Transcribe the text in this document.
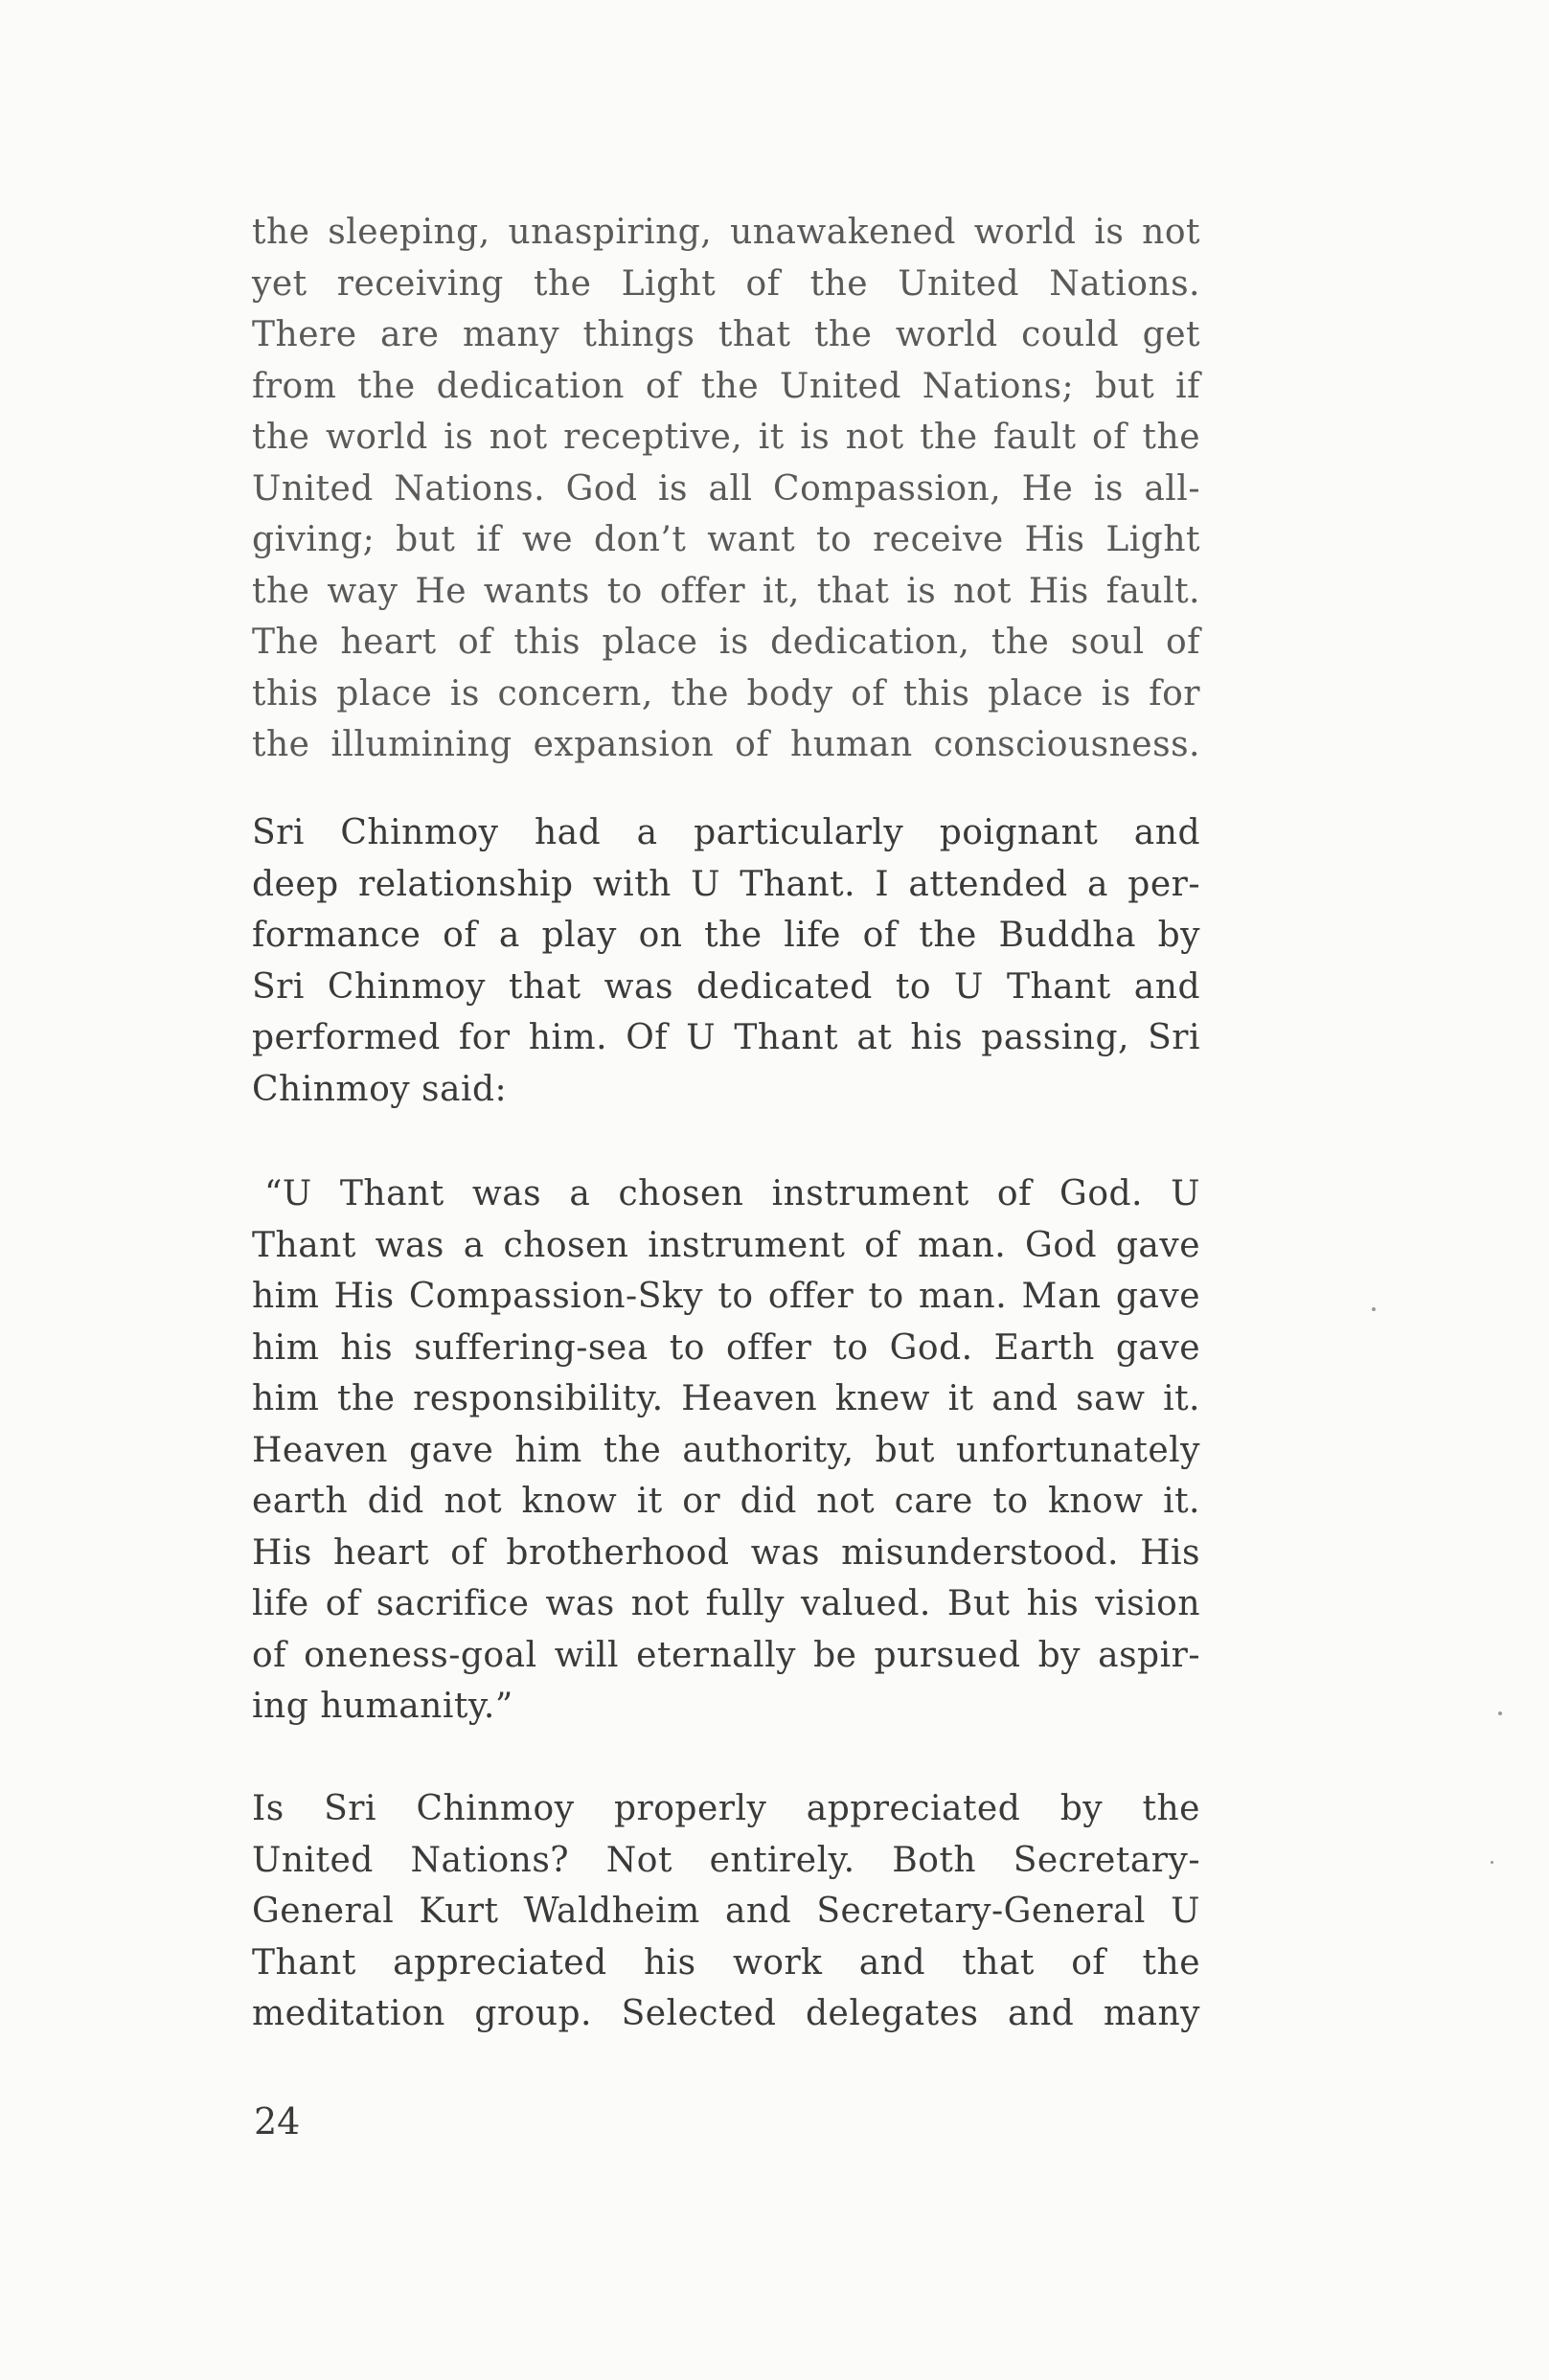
the sleeping, unaspiring, unawakened world is not
yet receiving the Light of the United Nations.
There are many things that the world could get
from the dedication of the United Nations; but if
the world is not receptive, it is not the fault of the
United Nations. God is all Compassion, He is all-
giving; but if we don’t want to receive His Light
the way He wants to offer it, that is not His fault.
The heart of this place is dedication, the soul of
this place is concern, the body of this place is for
the illumining expansion of human consciousness.
Sri Chinmoy had a particularly poignant and
deep relationship with U Thant. I attended a per-
formance of a play on the life of the Buddha by
Sri Chinmoy that was dedicated to U Thant and
performed for him. Of U Thant at his passing, Sri
Chinmoy said:
“U Thant was a chosen instrument of God. U
Thant was a chosen instrument of man. God gave
him His Compassion-Sky to offer to man. Man gave
him his suffering-sea to offer to God. Earth gave
him the responsibility. Heaven knew it and saw it.
Heaven gave him the authority, but unfortunately
earth did not know it or did not care to know it.
His heart of brotherhood was misunderstood. His
life of sacrifice was not fully valued. But his vision
of oneness-goal will eternally be pursued by aspir-
ing humanity.”
Is Sri Chinmoy properly appreciated by the
United Nations? Not entirely. Both Secretary-
General Kurt Waldheim and Secretary-General U
Thant appreciated his work and that of the
meditation group. Selected delegates and many
24
